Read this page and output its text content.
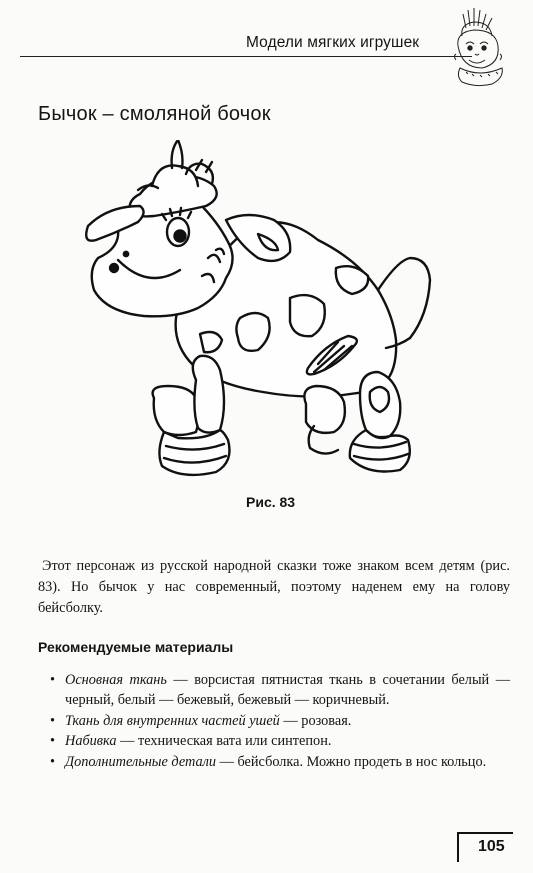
Модели мягких игрушек
Бычок – смоляной бочок
Рис. 83

Этот персонаж из русской народной сказки тоже знаком всем детям (рис. 83). Но бычок у нас современный, поэтому наденем ему на голову бейсболку.

Рекомендуемые материалы
• Основная ткань — ворсистая пятнистая ткань в сочетании белый — черный, белый — бежевый, бежевый — коричневый.
• Ткань для внутренних частей ушей — розовая.
• Набивка — техническая вата или синтепон.
• Дополнительные детали — бейсболка. Можно продеть в нос кольцо.
105
